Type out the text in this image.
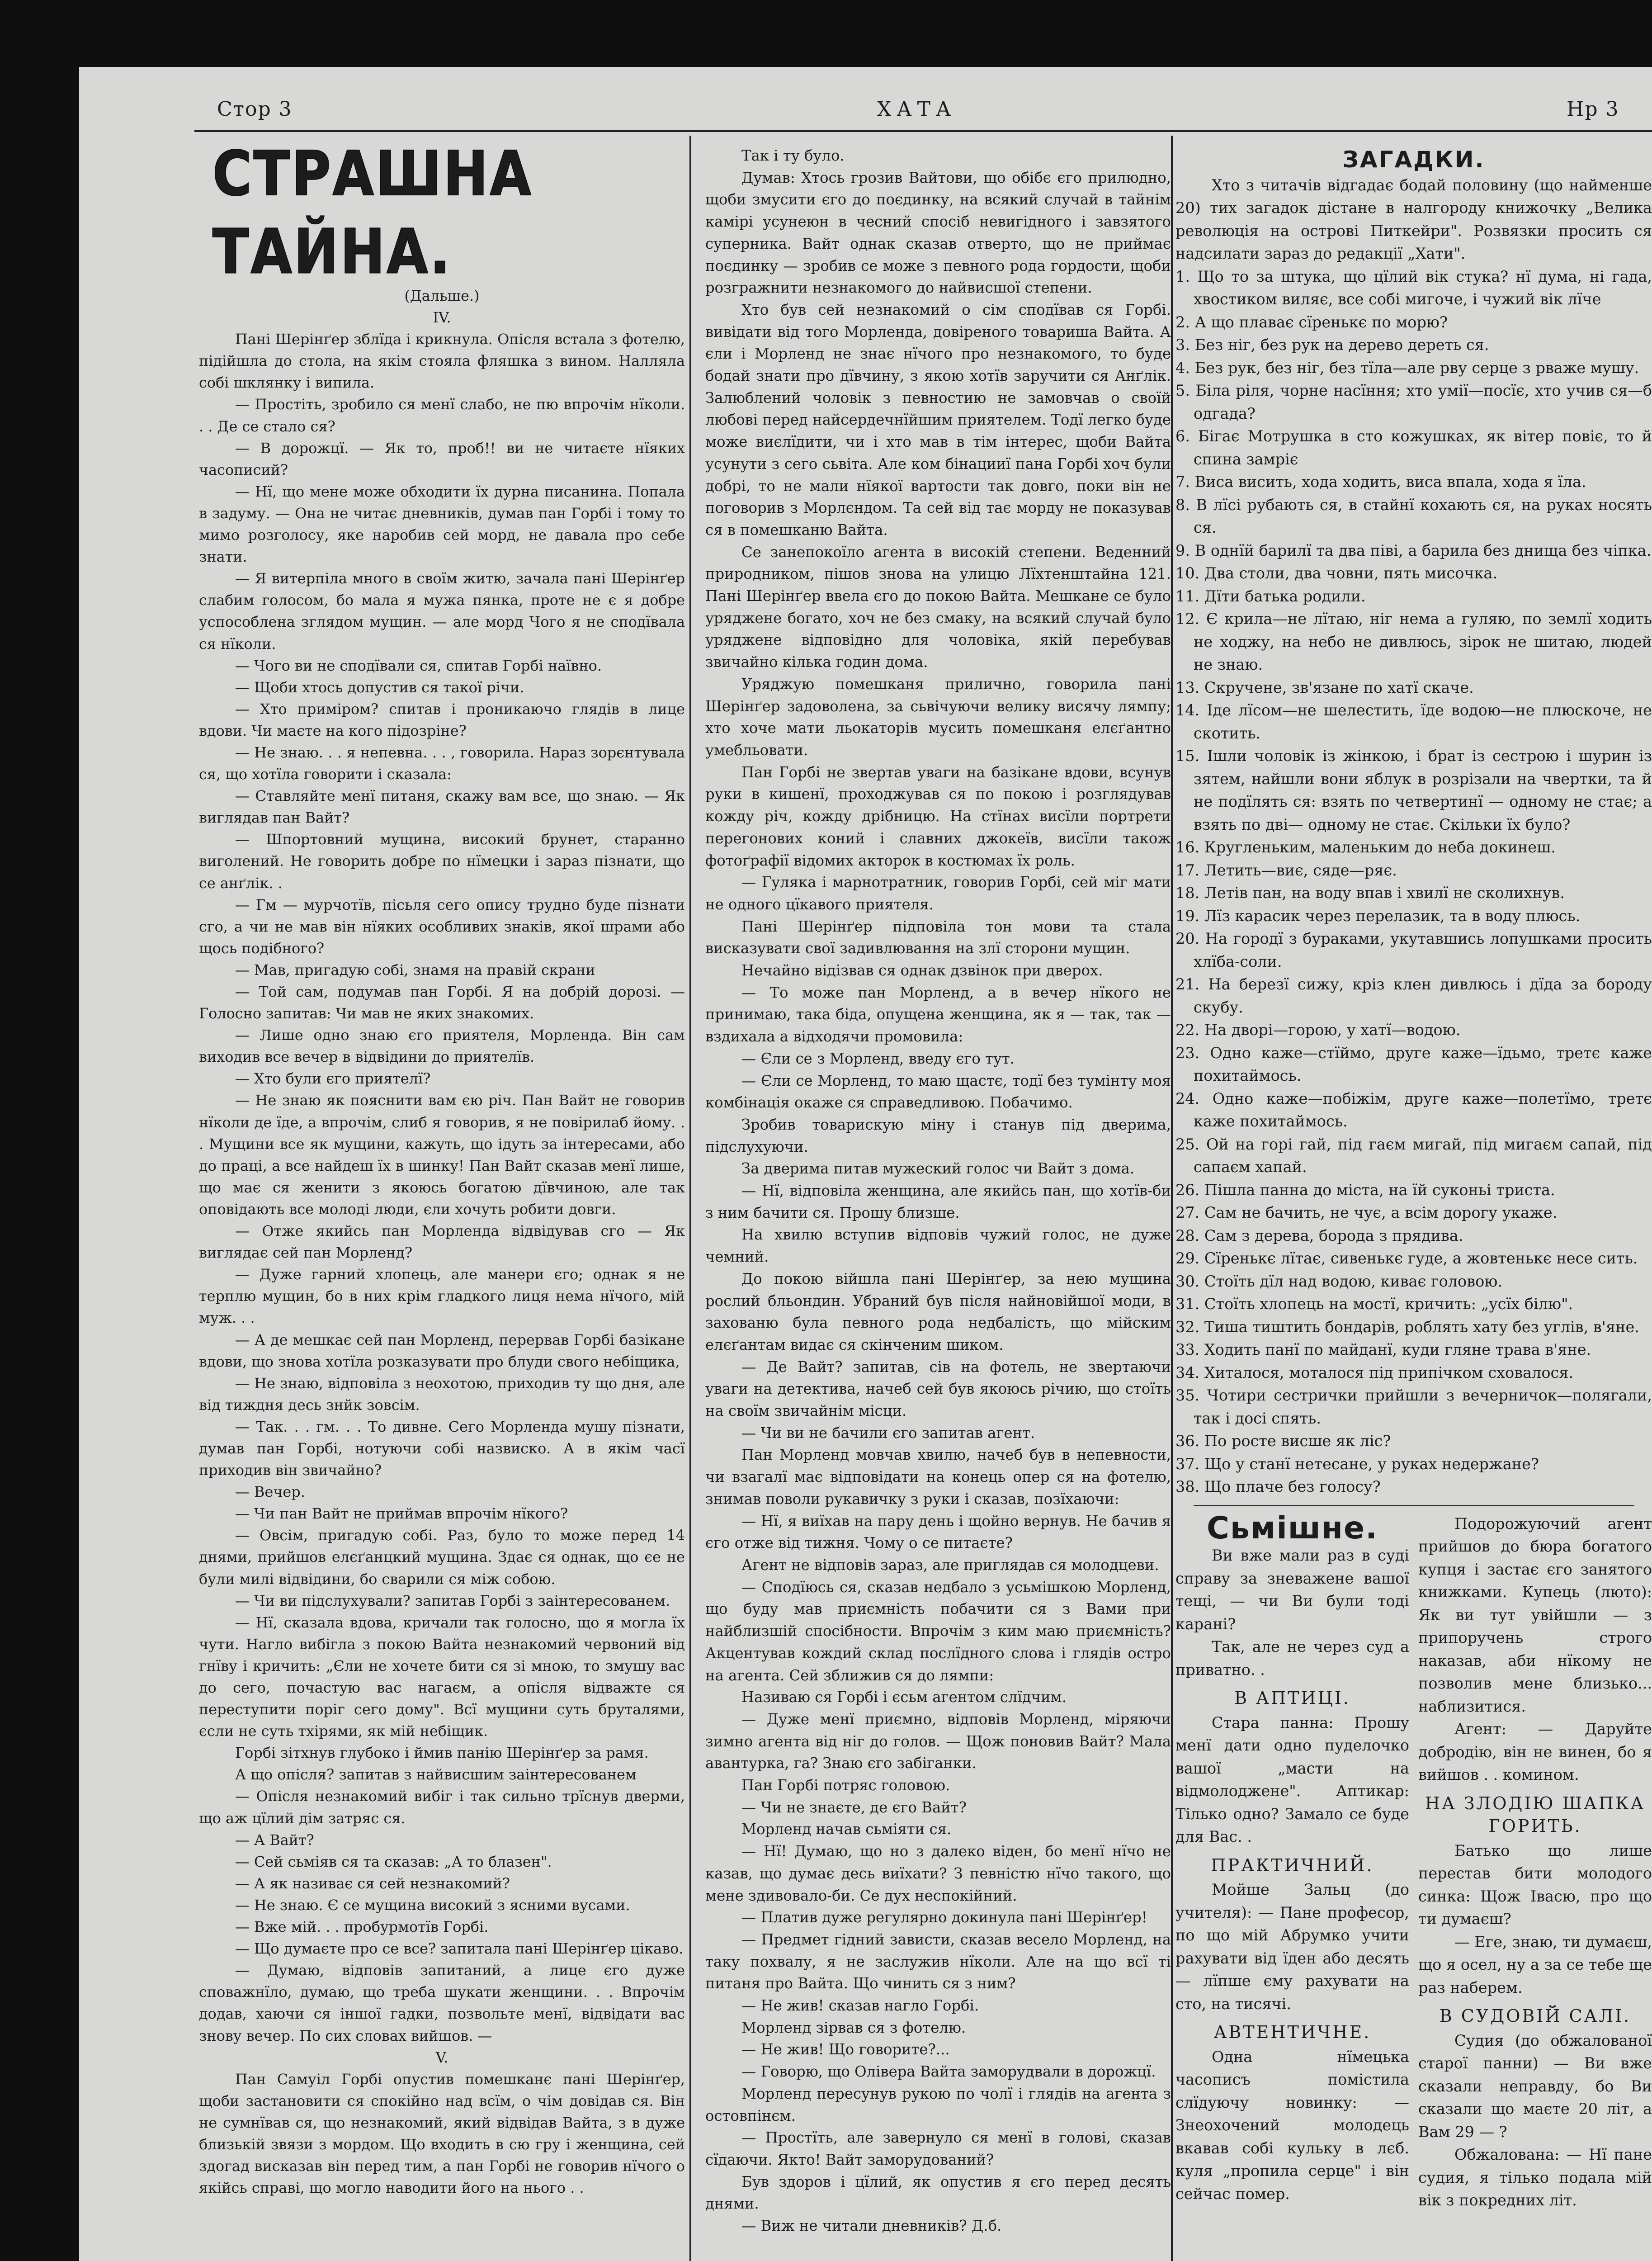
Стор 3	ХАТА	Нр 3
СТРАШНА ТАЙНА.

(Дальше.)

IV.

Пані Шерінґер зблїда і крикнула. Опісля встала з фотелю, підійшла до стола, на якім стояла фляшка з вином. Налляла собі шклянку і випила.

— Простіть, зробило ся менї слабо, не пю впрочім нїколи. . . Де се стало ся?

— В дорожцї. — Як то, проб!! ви не читаєте нїяких часописий?

— Нї, що мене може обходити їх дурна писанина. Попала в задуму. — Она не читає дневників, думав пан Горбі і тому то мимо розголосу, яке наробив сей морд, не давала про себе знати.

— Я витерпіла много в своїм житю, зачала пані Шерінґер слабим голосом, бо мала я мужа пянка, проте не є я добре успособлена зглядом мущин. — але морд Чого я не сподївала ся нїколи.

— Чого ви не сподївали ся, спитав Горбі наївно.

— Щоби хтось допустив ся такої річи.

— Хто приміром? спитав і проникаючо глядів в лице вдови. Чи маєте на кого підозріне?

— Не знаю. . . я непевна. . . , говорила. Нараз зорєнтувала ся, що хотїла говорити і сказала:

— Ставляйте менї питаня, скажу вам все, що знаю. — Як виглядав пан Вайт?

— Шпортовний мущина, високий брунет, старанно виголений. Не говорить добре по нїмецки і зараз пізнати, що се анґлік. .

— Гм — мурчотїв, пісьля сего опису трудно буде пізнати сго, а чи не мав він нїяких особливих знаків, якої шрами або щось подібного?

— Мав, пригадую собі, знамя на правій скрани

— Той сам, подумав пан Горбі. Я на добрій дорозі. — Голосно запитав: Чи мав не яких знакомих.

— Лише одно знаю єго приятеля, Морленда. Він сам виходив все вечер в відвідини до приятелїв.

— Хто були єго приятелї?

— Не знаю як пояснити вам єю річ. Пан Вайт не говорив нїколи де їде, а впрочім, слиб я говорив, я не повірилаб йому. . . Мущини все як мущини, кажуть, що ідуть за інтересами, або до праці, а все найдеш їх в шинку! Пан Вайт сказав менї лише, що має ся женити з якоюсь богатою дївчиною, але так оповідають все молоді люди, єли хочуть робити довги.

— Отже якийсь пан Морленда відвідував сго — Як виглядає сей пан Морленд?

— Дуже гарний хлопець, але манери єго; однак я не терплю мущин, бо в них крім гладкого лиця нема нїчого, мій муж. . .

— А де мешкає сей пан Морленд, перервав Горбі базікане вдови, що знова хотїла розказувати про блуди свого небіщика,

— Не знаю, відповіла з неохотою, приходив ту що дня, але від тиждня десь знйк зовсім.

— Так. . . гм. . . То дивне. Сего Морленда мушу пізнати, думав пан Горбі, нотуючи собі назвиско. А в якім часї приходив він звичайно?

— Вечер.

— Чи пан Вайт не приймав впрочім нїкого?

— Овсім, пригадую собі. Раз, було то може перед 14 днями, прийшов елєґанцкий мущина. Здає ся однак, що єе не були милі відвідини, бо сварили ся між собою.

— Чи ви підслухували? запитав Горбі з заінтересованем.

— Нї, сказала вдова, кричали так голосно, що я могла їх чути. Наглo вибіглa з покою Вайта незнакомий червоний від гнїву і кричить: „Єли не хочете бити ся зі мною, то змушу вас до сего, почастую вас нагаєм, а опісля відважте ся переступити поріг сего дому". Всї мущини суть бруталями, єсли не суть тхірями, як мій небіщик.

Горбі зітхнув глубоко і ймив панію Шерінґер за рамя.

А що опісля? запитав з найвисшим заінтересованем

— Опісля незнакомий вибіг і так сильно трїснув дверми, що аж цїлий дім затряс ся.

— А Вайт?

— Сей сьміяв ся та сказав: „А то блазен".

— А як називає ся сей незнакомий?

— Не знаю. Є се мущина високий з ясними вусами.

— Вже мій. . . пробурмотїв Горбі.

— Що думаєте про се все? запитала пані Шерінґер цікаво.

— Думаю, відповів запитаний, а лице єго дуже споважнїло, думаю, що треба шукати женщини. . . Впрочім додав, хаючи ся іншої гадки, позвольте менї, відвідати вас знову вечер. По сих словах вийшов. —

V.

Пан Самуіл Горбі опустив помешканє пані Шерінґер, щоби застановити ся спокійно над всїм, о чім довідав ся. Він не сумнївав ся, що незнакомий, який відвідав Вайта, з в дуже близькій звязи з мордом. Що входить в сю гру і женщина, сей здогад висказав він перед тим, а пан Горбі не говорив нїчого о якійсь справі, що могло наводити його на нього . .

Так і ту було.

Думав: Хтось грозив Вайтови, що обібє єго прилюдно, щоби змусити єго до поєдинку, на всякий случай в тайнім камірі усунеюн в чесний спосіб невигідного і завзятого суперника. Вайт однак сказав отверто, що не приймає поєдинку — зробив се може з певного рода гордости, щоби розгражнити незнакомого до найвисшої степени.

Хто був сей незнакомий о сім сподївав ся Горбі. вивідати від того Морленда, довіреного товариша Вайта. А єли і Морленд не знає нїчого про незнакомого, то буде бодай знати про дївчину, з якою хотїв заручити ся Анґлік. Залюблений чоловік з певностию не замовчав о своїй любові перед найсердечнїйшим приятелем. Тодї легко буде може виєлїдити, чи і хто мав в тім інтерес, щоби Вайта усунути з сего сьвіта. Але ком бінацииї пана Горбі хоч були добрі, то не мали нїякої вартости так довго, поки він не поговорив з Морлєндом. Та сей від тає морду не показував ся в помешканю Вайта.

Се занепокоїло агента в високій степени. Веденний природником, пішов знова на улицю Лїхтенштайна 121. Пані Шерінґер ввела єго до покою Вайта. Мешкане се було уряджене богато, хоч не без смаку, на всякий случай було уряджене відповідно для чоловіка, якій перебував звичайно кілька годин дома.

Уряджую помешканя прилично, говорила пані Шерінґер задоволена, за сьвічуючи велику висячу лямпу; хто хоче мати льокаторів мусить помешканя елєґантно умебльовати.

Пан Горбі не звертав уваги на базікане вдови, всунув руки в кишенї, проходжував ся по покою і розглядував кожду річ, кожду дрібницю. На стїнах висїли портрети перегонових коний і славних джокеїв, висїли також фотоґрафії відомих акторок в костюмах їх роль.

— Гуляка і марнотратник, говорив Горбі, сей міг мати не одного цїкавого приятеля.

Пані Шерінґер підповіла тон мови та стала висказувати свої задивлювання на злї сторони мущин.

Нечайно відізвав ся однак дзвінок при дверох.

— То може пан Морленд, а в вечер нїкого не принимаю, така біда, опущена женщина, як я — так, так — вздихала а відходячи промовила:

— Єли се з Морленд, введу єго тут.

— Єли се Морленд, то маю щастє, тодї без тумінту моя комбінація окаже ся справедливою. Побачимо.

Зробив товарискую міну і станув під дверима, підслухуючи.

За дверима питав мужеский голос чи Вайт з дома.

— Нї, відповіла женщина, але якийсь пан, що хотїв-би з ним бачити ся. Прошу близше.

На хвилю вступив відповів чужий голос, не дуже чемний.

До покою війшла пані Шерінґер, за нею мущина рослий бльондин. Убраний був після найновійшої моди, в захованю була певного рода недбалість, що мійским елєґантам видає ся скінченим шиком.

— Де Вайт? запитав, сів на фотель, не звертаючи уваги на детектива, начеб сей був якоюсь річию, що стоїть на своїм звичайнім місци.

— Чи ви не бачили єго запитав агент.

Пан Морленд мовчав хвилю, начеб був в непевности, чи взагалї має відповідати на конець опер ся на фотелю, знимав поволи рукавичку з руки і сказав, позїхаючи:

— Нї, я виїхав на пару день і щойно вернув. Не бачив я єго отже від тижня. Чому о се питаєте?

Агент не відповів зараз, але приглядав ся молодцеви.

— Сподїюсь ся, сказав недбало з усьмішкою Морленд, що буду мав приємність побачити ся з Вами при найблизшій спосібности. Впрочім з ким маю приємність? Акцентував кождий склад послїдного слова і глядів остро на агента. Сей зближив ся до лямпи:

Називаю ся Горбі і єсьм агентом слїдчим.

— Дуже менї приємно, відповів Морленд, міряючи зимно агента від ніг до голов. — Щож поновив Вайт? Мала авантурка, га? Знаю єго забіганки.

Пан Горбі потряс головою.

— Чи не знаєте, де єго Вайт?

Морленд начав сьміяти ся.

— Нї! Думаю, що но з далеко віден, бо менї нїчо не казав, що думає десь виїхати? З певністю нїчо такого, що мене здивовало-би. Се дух неспокійний.

— Платив дуже регулярно докинула пані Шерінґер!

— Предмет гідний зависти, сказав весело Морленд, на таку похвалу, я не заслужив нїколи. Але на що всї ті питаня про Вайта. Що чинить ся з ним?

— Не жив! сказав нагло Горбі.

Морленд зірвав ся з фотелю.

— Не жив! Що говорите?...

— Говорю, що Олівера Вайта заморудвали в дорожцї.

Морленд пересунув рукою по чолї і глядів на агента з остовпінєм.

— Простїть, але завернуло ся менї в голові, сказав сїдаючи. Якто! Вайт заморудований?

Був здоров і цїлий, як опустив я єго перед десять днями.

— Виж не читали дневників? Д.б.

ЗАГАДКИ.

Хто з читачів відгадає бодай половину (що найменше 20) тих загадок дістане в налгороду книжочку „Велика революція на острові Питкейри". Розвязки просить ся надсилати зараз до редакції „Хати".

1. Що то за штука, що цїлий вік стука? нї дума, ні гада, хвостиком виляє, все собі мигоче, і чужий вік лїче

2. А що плаває сїренькє по морю?

3. Без ніг, без рук на дерево дереть ся.

4. Без рук, без ніг, без тїла—але рву серце з рваже мушу.

5. Біла ріля, чорне насїння; хто умії—посїє, хто учив ся—б одгада?

6. Бігає Мотрушка в сто кожушках, як вітер повіє, то й спина замріє

7. Виса висить, хода ходить, виса впала, хода я їла.

8. В лїсі рубають ся, в стайнї кохають ся, на руках носять ся.

9. В однїй барилї та два піві, а барила без днища без чіпка.

10. Два столи, два човни, пять мисочка.

11. Дїти батька родили.

12. Є крила—не лїтаю, ніг нема а гуляю, по землї ходить не ходжу, на небо не дивлюсь, зірок не шитаю, людей не знаю.

13. Скручене, зв'язане по хатї скаче.

14. Іде лїсом—не шелестить, їде водою—не плюскоче, не скотить.

15. Ішли чоловік із жінкою, і брат із сестрою і шурин із зятем, найшли вони яблук в розрізали на чвертки, та й не подїлять ся: взять по четвертинї — одному не стає; а взять по дві— одному не стає. Скільки їх було?

16. Кругленьким, маленьким до неба докинеш.

17. Летить—виє, сяде—ряє.

18. Летів пан, на воду впав і хвилї не сколихнув.

19. Лїз карасик через перелазик, та в воду плюсь.

20. На городї з бураками, укутавшись лопушками просить хлїба-соли.

21. На березї сижу, кріз клен дивлюсь і дїда за бороду скубу.

22. На дворі—горою, у хатї—водою.

23. Одно каже—стїймо, друге каже—їдьмо, третє каже похитаймось.

24. Одно каже—побіжім, друге каже—полетїмо, третє каже похитаймось.

25. Ой на горі гай, під гаєм мигай, під мигаєм сапай, під сапаєм хапай.

26. Пішла панна до міста, на їй суконьі триста.

27. Сам не бачить, не чує, а всім дорогу укаже.

28. Сам з дерева, борода з прядива.

29. Сїренькє лїтає, сивенькє гуде, а жовтенькє несе сить.

30. Стоїть дїл над водою, киває головою.

31. Стоїть хлопець на мостї, кричить: „усїх білю".

32. Тиша тиштить бондарів, роблять хату без углів, в'яне.

33. Ходить панї по майданї, куди гляне трава в'яне.

34. Хиталося, моталося під припічком сховалося.

35. Чотири сестрички прийшли з вечерничок—полягали, так і досі спять.

36. По росте висше як ліс?

37. Що у станї нетесане, у руках недержане?

38. Що плаче без голосу?

Сьмішне.

Ви вже мали раз в суді справу за зневажене вашої тещі, — чи Ви були тоді карані?

Так, але не через суд а приватно. .

В АПТИЦІ.

Стара панна: Прошу менї дати одно пуделочко вашої „масти на відмолоджене". Аптикар: Тілько одно? Замало се буде для Вас. .

ПРАКТИЧНИЙ.

Мойше Зальц (до учителя): — Пане професор, по що мій Абрумко учити рахувати від їден або десять — лїпше єму рахувати на сто, на тисячі.

АВТЕНТИЧНЕ.

Одна нїмецька часописъ помістила слїдуючу новинку: — Знеохочений молодець вкавав собі кульку в лєб. куля „пропила серце" і він сейчас помер.

Подорожуючий агент прийшов до бюра богатого купця і застає єго занятого книжками. Купець (люто): Як ви тут увійшли — з припоручень строго наказав, аби нїкому не позволив мене близько... наблизитися.

Агент: — Даруйте добродію, він не винен, бо я вийшов . . коминoм.

НА ЗЛОДІЮ ШАПКА ГОРИТЬ.

Батько що лише перестав бити молодого синка: Щож Iвасю, про що ти думаєш?

— Еге, знаю, ти думаєш, що я осел, ну а за се тебе ще раз наберем.

В СУДОВІЙ САЛІ.

Судия (до обжалованої старої панни) — Ви вже сказали неправду, бо Ви сказали що маєте 20 літ, а Вам 29 — ?

Обжалована: — Нї пане судия, я тілько подала мій вік з пoкредних літ.
